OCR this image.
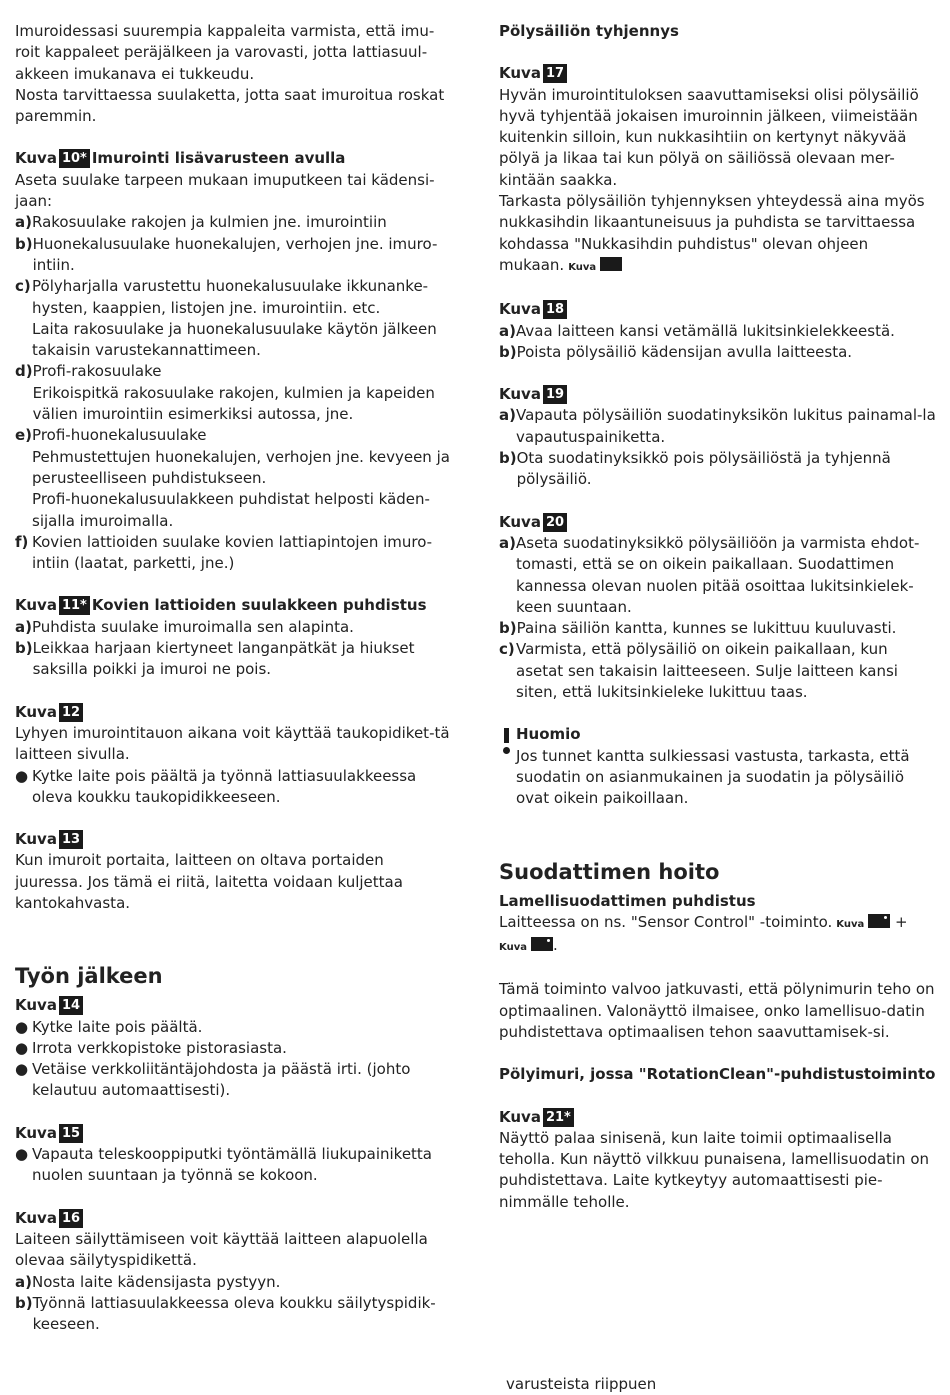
Imuroidessasi suurempia kappaleita varmista, että imu-roit kappaleet peräjälkeen ja varovasti, jotta lattiasuul-akkeen imukanava ei tukkeudu.

Nosta tarvittaessa suulaketta, jotta saat imuroitua roskat paremmin.

Kuva 10* Imurointi lisävarusteen avulla

Aseta suulake tarpeen mukaan imuputkeen tai kädensi-jaan:

a) Rakosuulake rakojen ja kulmien jne. imurointiin
b) Huonekalusuulake huonekalujen, verhojen jne. imuro-intiin.
c) Pölyharjalla varustettu huonekalusuulake ikkunanke-hysten, kaappien, listojen jne. imurointiin. etc.
Laita rakosuulake ja huonekalusuulake käytön jälkeen takaisin varustekannattimeen.
d) Profi-rakosuulake
Erikoispitkä rakosuulake rakojen, kulmien ja kapeiden välien imurointiin esimerkiksi autossa, jne.
e) Profi-huonekalusuulake
Pehmustettujen huonekalujen, verhojen jne. kevyeen ja perusteelliseen puhdistukseen.
Profi-huonekalusuulakkeen puhdistat helposti käden-sijalla imuroimalla.
f) Kovien lattioiden suulake kovien lattiapintojen imuro-intiin (laatat, parketti, jne.)

Kuva 11* Kovien lattioiden suulakkeen puhdistus

a) Puhdista suulake imuroimalla sen alapinta.
b) Leikkaa harjaan kiertyneet langanpätkät ja hiukset saksilla poikki ja imuroi ne pois.

Kuva 12

Lyhyen imurointitauon aikana voit käyttää taukopidiket-tä laitteen sivulla.

● Kytke laite pois päältä ja työnnä lattiasuulakkeessa oleva koukku taukopidikkeeseen.

Kuva 13

Kun imuroit portaita, laitteen on oltava portaiden juuressa. Jos tämä ei riitä, laitetta voidaan kuljettaa kantokahvasta.

Työn jälkeen

Kuva 14

● Kytke laite pois päältä.
● Irrota verkkopistoke pistorasiasta.
● Vetäise verkkoliitäntäjohdosta ja päästä irti. (johto kelautuu automaattisesti).

Kuva 15

● Vapauta teleskooppiputki työntämällä liukupainiketta nuolen suuntaan ja työnnä se kokoon.

Kuva 16

Laiteen säilyttämiseen voit käyttää laitteen alapuolella olevaa säilytyspidikettä.

a) Nosta laite kädensijasta pystyyn.
b) Työnnä lattiasuulakkeessa oleva koukku säilytyspidik-keeseen.

Pölysäiliön tyhjennys

Kuva 17

Hyvän imurointituloksen saavuttamiseksi olisi pölysäiliö hyvä tyhjentää jokaisen imuroinnin jälkeen, viimeistään kuitenkin silloin, kun nukkasihtiin on kertynyt näkyvää pölyä ja likaa tai kun pölyä on säiliössä olevaan mer-kintään saakka.

Tarkasta pölysäiliön tyhjennyksen yhteydessä aina myös nukkasihdin likaantuneisuus ja puhdista se tarvittaessa kohdassa "Nukkasihdin puhdistus" olevan ohjeen mukaan. Kuva

Kuva 18

a) Avaa laitteen kansi vetämällä lukitsinkielekkeestä.
b) Poista pölysäiliö kädensijan avulla laitteesta.

Kuva 19

a) Vapauta pölysäiliön suodatinyksikön lukitus painamal-la vapautuspainiketta.
b) Ota suodatinyksikkö pois pölysäiliöstä ja tyhjennä pölysäiliö.

Kuva 20

a) Aseta suodatinyksikkö pölysäiliöön ja varmista ehdot-tomasti, että se on oikein paikallaan. Suodattimen kannessa olevan nuolen pitää osoittaa lukitsinkielek-keen suuntaan.
b) Paina säiliön kantta, kunnes se lukittuu kuuluvasti.
c) Varmista, että pölysäiliö on oikein paikallaan, kun asetat sen takaisin laitteeseen. Sulje laitteen kansi siten, että lukitsinkieleke lukittuu taas.

Huomio

Jos tunnet kantta sulkiessasi vastusta, tarkasta, että suodatin on asianmukainen ja suodatin ja pölysäiliö ovat oikein paikoillaan.

Suodattimen hoito

Lamellisuodattimen puhdistus

Laitteessa on ns. "Sensor Control" -toiminto. Kuva +
Kuva .

Tämä toiminto valvoo jatkuvasti, että pölynimurin teho on optimaalinen. Valonäyttö ilmaisee, onko lamellisuo-datin puhdistettava optimaalisen tehon saavuttamisek-si.

Pölyimuri, jossa "RotationClean"-puhdistustoiminto

Kuva 21*

Näyttö palaa sinisenä, kun laite toimii optimaalisella teholla. Kun näyttö vilkkuu punaisena, lamellisuodatin on puhdistettava. Laite kytkeytyy automaattisesti pie-nimmälle teholle.

varusteista riippuen
